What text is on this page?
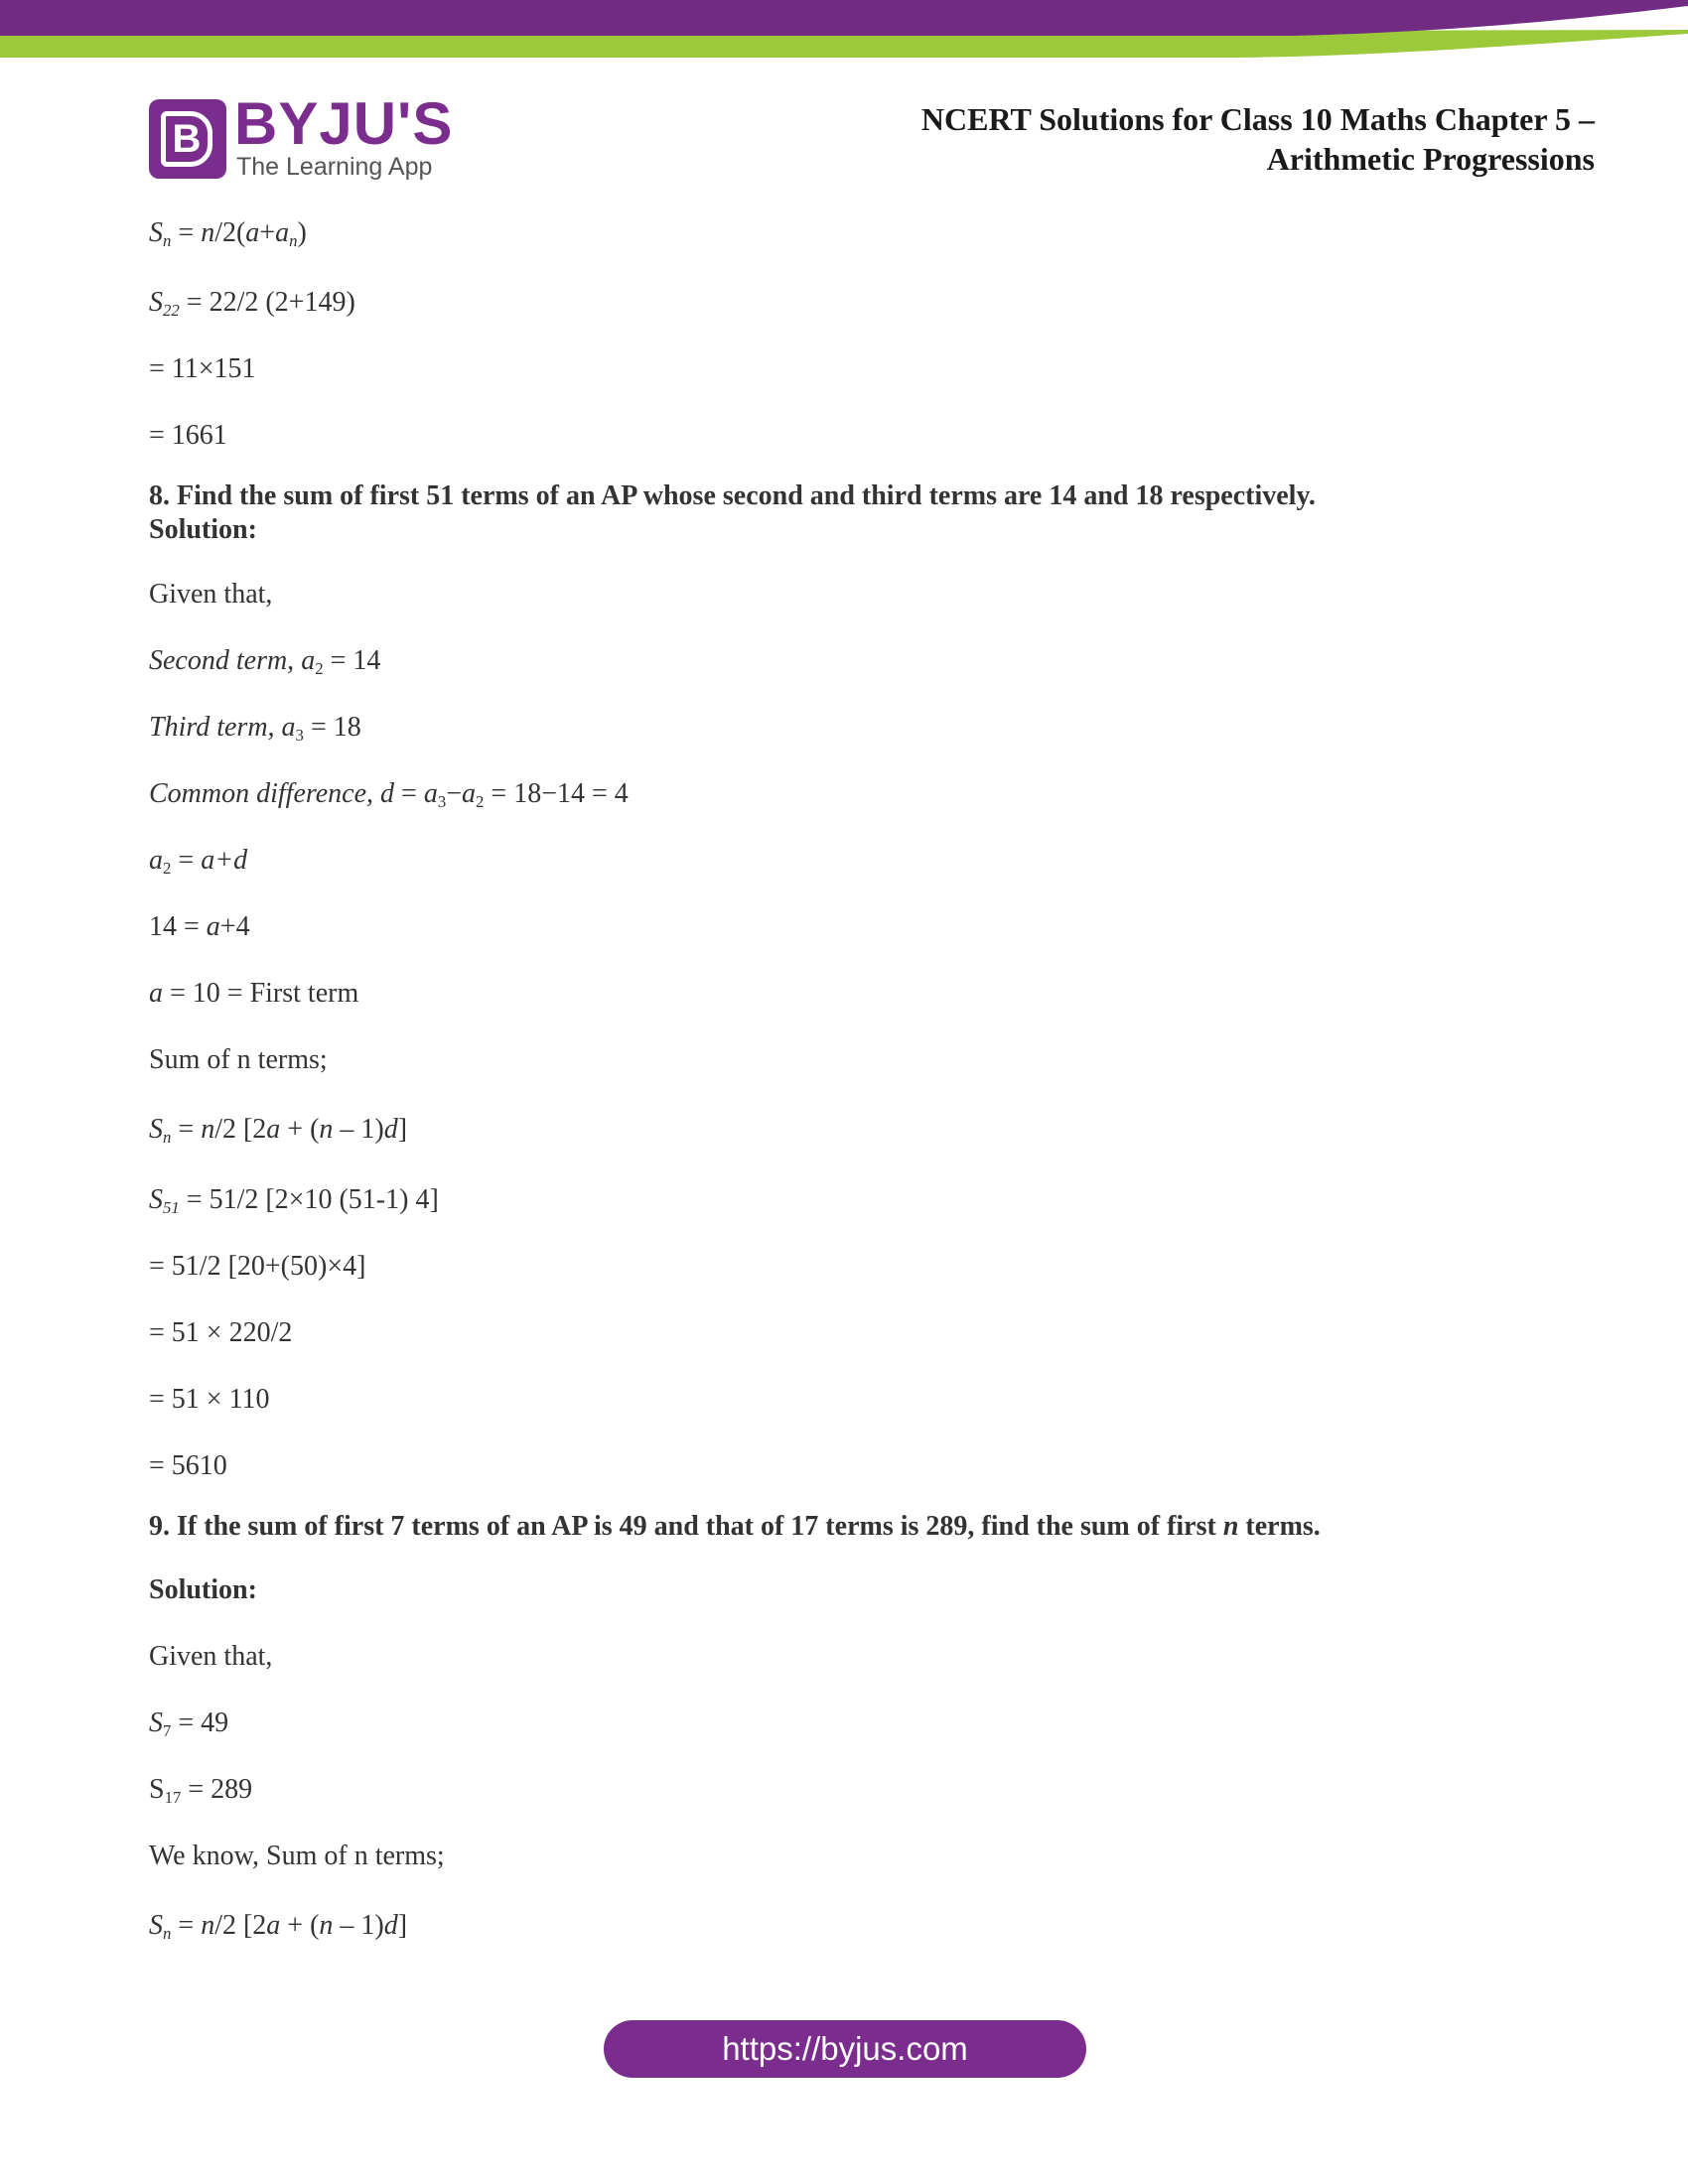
B BYJU'S
The Learning App
NCERT Solutions for Class 10 Maths Chapter 5 –
Arithmetic Progressions
$S_n = n/2(a+a_n)$
$S_{22} = 22/2$ (2+149)
= 11×151
= 1661
8. Find the sum of first 51 terms of an AP whose second and third terms are 14 and 18 respectively.
Solution:
Given that,
Second term, $a_2 = 14$
Third term, $a_3 = 18$
Common difference, $d = a_3-a_2 = 18-14 = 4$
$a_2 = a+d$
14 = a+4
a = 10 = First term
Sum of n terms;
$S_n = n/2$ [2a + (n – 1)d]
$S_{51} = 51/2$ [2×10 (51-1) 4]
= 51/2 [20+(50)×4]
= 51 × 220/2
= 51 × 110
= 5610
9. If the sum of first 7 terms of an AP is 49 and that of 17 terms is 289, find the sum of first n terms.
Solution:
Given that,
$S_7 = 49$
$S_{17} = 289$
We know, Sum of n terms;
$S_n = n/2$ [2a + (n – 1)d]
https://byjus.com
